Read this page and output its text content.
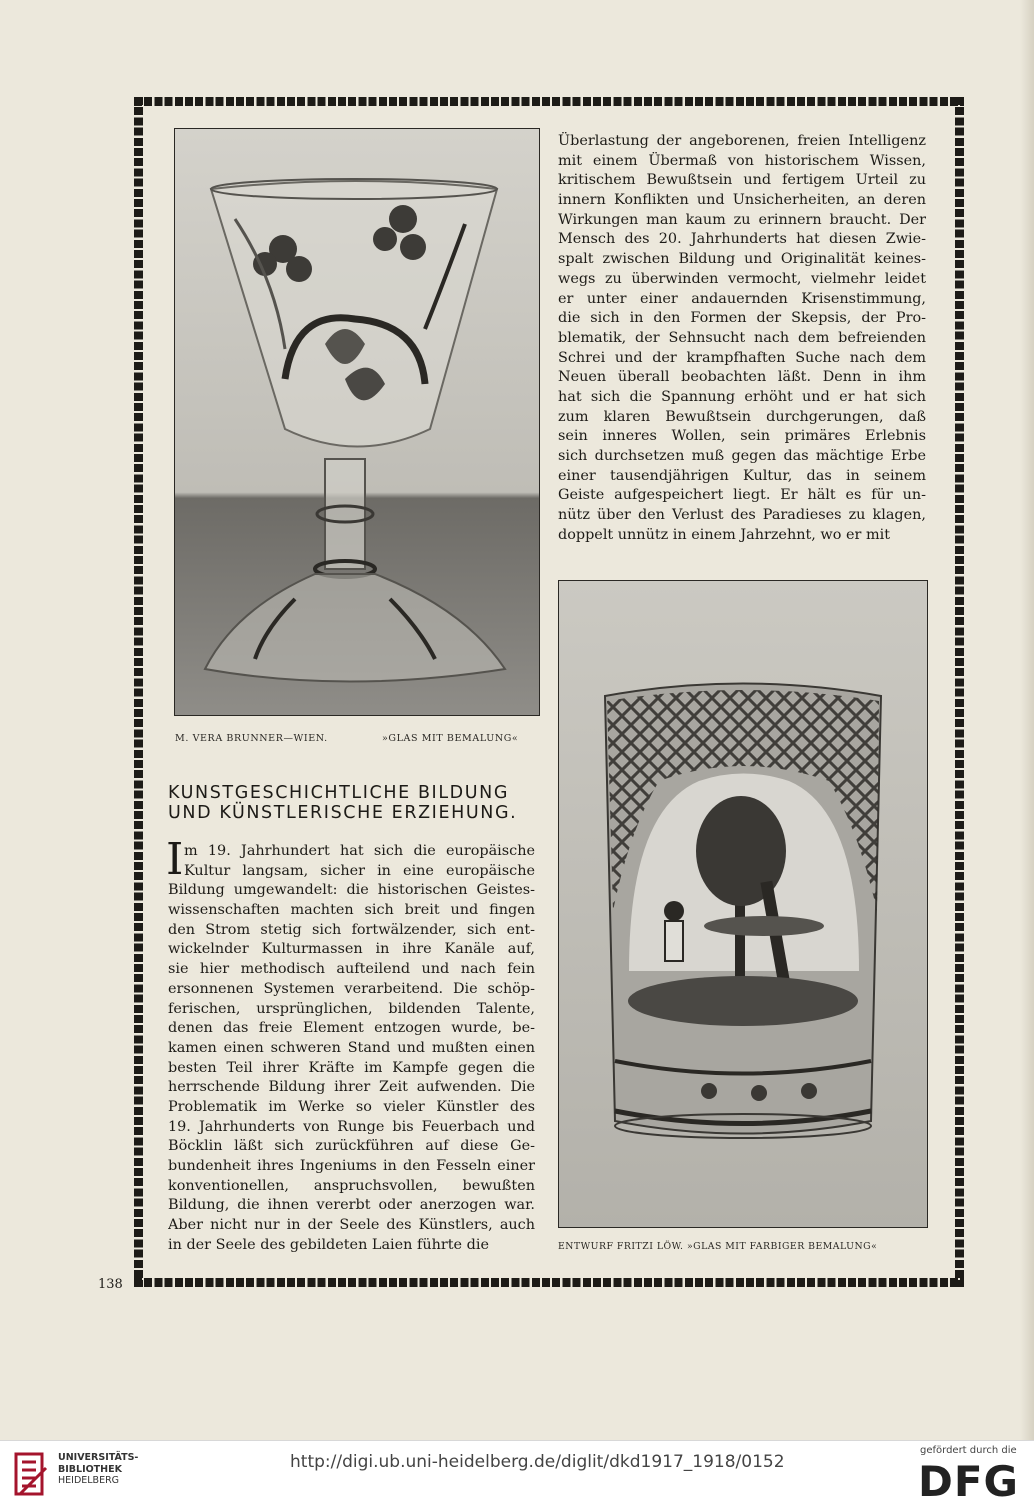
M. VERA BRUNNER—WIEN.	»GLAS MIT BEMALUNG«
ENTWURF FRITZI LÖW. »GLAS MIT FARBIGER BEMALUNG«
KUNSTGESCHICHTLICHE BILDUNG
UND KÜNSTLERISCHE ERZIEHUNG.
I m 19. Jahrhundert hat sich die europäische
Kultur langsam, sicher in eine europäische
Bildung umgewandelt: die historischen Geistes-
wissenschaften machten sich breit und fingen
den Strom stetig sich fortwälzender, sich ent-
wickelnder Kulturmassen in ihre Kanäle auf,
sie hier methodisch aufteilend und nach fein
ersonnenen Systemen verarbeitend. Die schöp-
ferischen, ursprünglichen, bildenden Talente,
denen das freie Element entzogen wurde, be-
kamen einen schweren Stand und mußten einen
besten Teil ihrer Kräfte im Kampfe gegen die
herrschende Bildung ihrer Zeit aufwenden. Die
Problematik im Werke so vieler Künstler des
19. Jahrhunderts von Runge bis Feuerbach und
Böcklin läßt sich zurückführen auf diese Ge-
bundenheit ihres Ingeniums in den Fesseln einer
konventionellen, anspruchsvollen, bewußten
Bildung, die ihnen vererbt oder anerzogen war.
Aber nicht nur in der Seele des Künstlers, auch
in der Seele des gebildeten Laien führte die
Überlastung der angeborenen, freien Intelligenz
mit einem Übermaß von historischem Wissen,
kritischem Bewußtsein und fertigem Urteil zu
innern Konflikten und Unsicherheiten, an deren
Wirkungen man kaum zu erinnern braucht. Der
Mensch des 20. Jahrhunderts hat diesen Zwie-
spalt zwischen Bildung und Originalität keines-
wegs zu überwinden vermocht, vielmehr leidet
er unter einer andauernden Krisenstimmung,
die sich in den Formen der Skepsis, der Pro-
blematik, der Sehnsucht nach dem befreienden
Schrei und der krampfhaften Suche nach dem
Neuen überall beobachten läßt. Denn in ihm
hat sich die Spannung erhöht und er hat sich
zum klaren Bewußtsein durchgerungen, daß
sein inneres Wollen, sein primäres Erlebnis
sich durchsetzen muß gegen das mächtige Erbe
einer tausendjährigen Kultur, das in seinem
Geiste aufgespeichert liegt. Er hält es für un-
nütz über den Verlust des Paradieses zu klagen,
doppelt unnütz in einem Jahrzehnt, wo er mit
138
UNIVERSITÄTS-
BIBLIOTHEK
HEIDELBERG
http://digi.ub.uni-heidelberg.de/diglit/dkd1917_1918/0152
gefördert durch die
DFG
